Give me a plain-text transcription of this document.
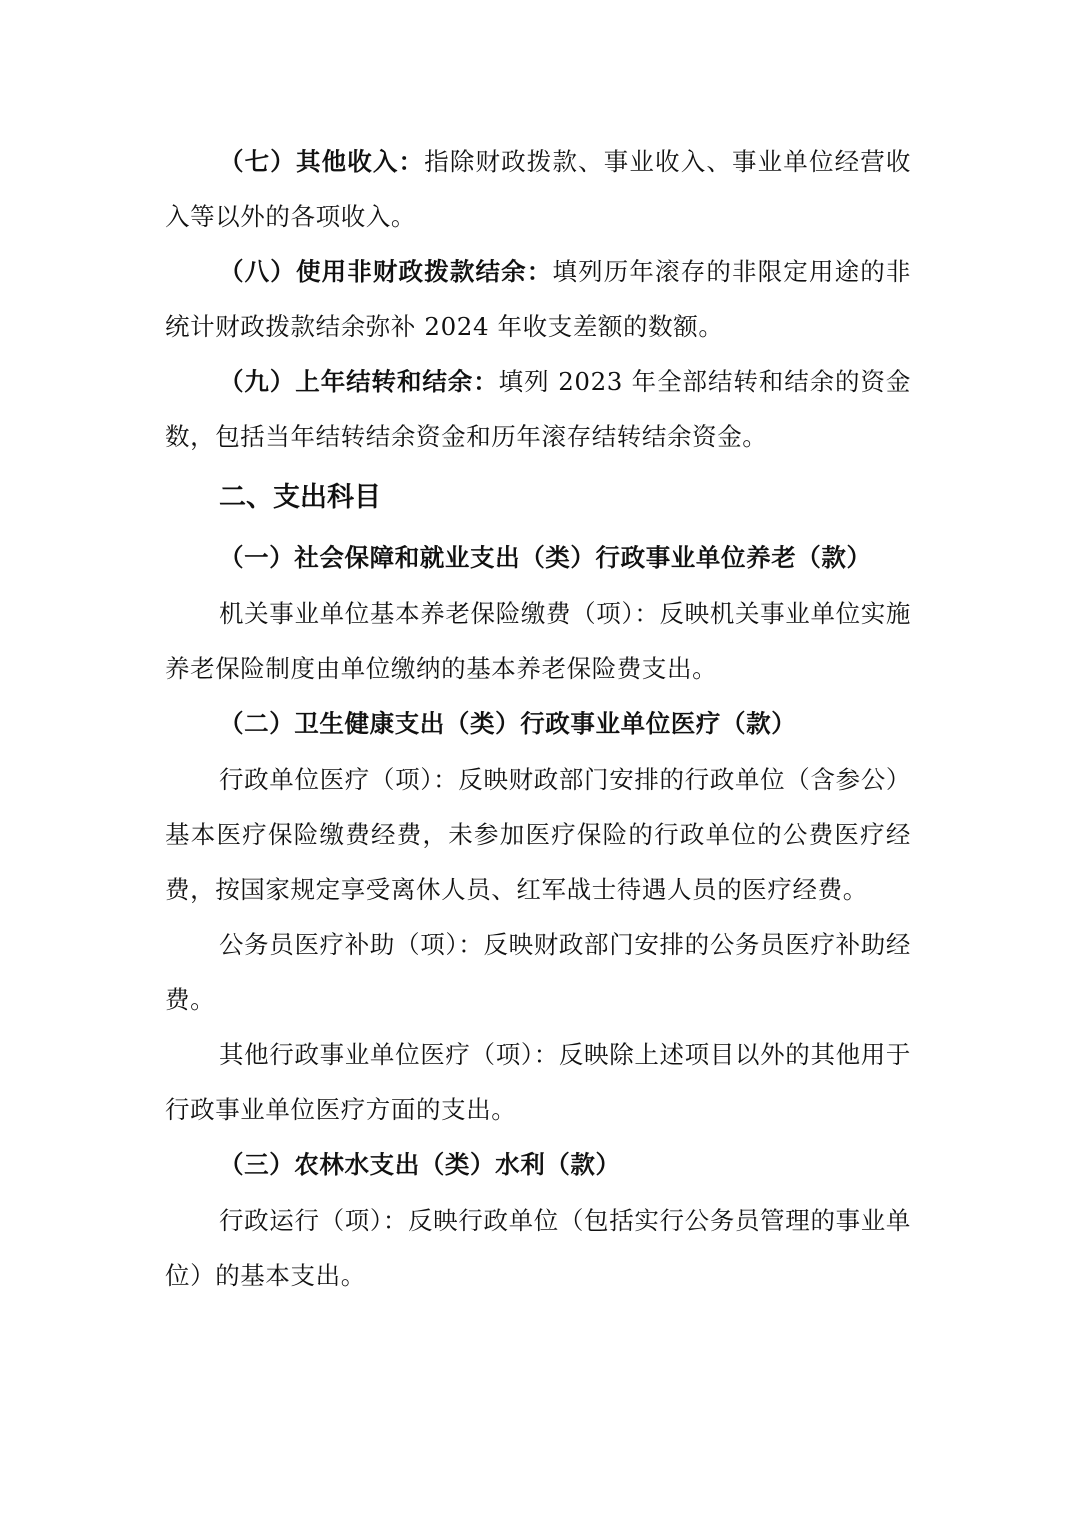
（七）其他收入：指除财政拨款、事业收入、事业单位经营收入等以外的各项收入。

（八）使用非财政拨款结余：填列历年滚存的非限定用途的非统计财政拨款结余弥补 2024 年收支差额的数额。

（九）上年结转和结余：填列 2023 年全部结转和结余的资金数，包括当年结转结余资金和历年滚存结转结余资金。

二、支出科目

（一）社会保障和就业支出（类）行政事业单位养老（款）

机关事业单位基本养老保险缴费（项）：反映机关事业单位实施养老保险制度由单位缴纳的基本养老保险费支出。

（二）卫生健康支出（类）行政事业单位医疗（款）

行政单位医疗（项）：反映财政部门安排的行政单位（含参公） 基本医疗保险缴费经费，未参加医疗保险的行政单位的公费医疗经费，按国家规定享受离休人员、红军战士待遇人员的医疗经费。

公务员医疗补助（项）：反映财政部门安排的公务员医疗补助经费。

其他行政事业单位医疗（项）：反映除上述项目以外的其他用于行政事业单位医疗方面的支出。

（三）农林水支出（类）水利（款）

行政运行（项）：反映行政单位（包括实行公务员管理的事业单位）的基本支出。
